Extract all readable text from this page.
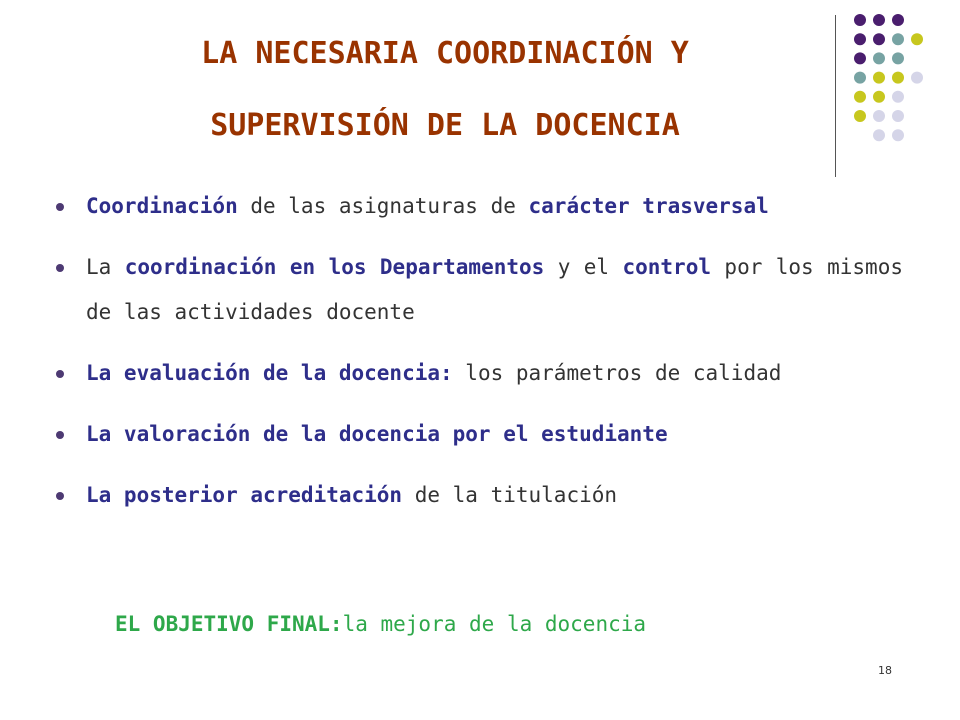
LA NECESARIA COORDINACIÓN Y
SUPERVISIÓN DE LA DOCENCIA
Coordinación de las asignaturas de carácter trasversal
La coordinación en los Departamentos y el control por los mismos de las actividades docente
La evaluación de la docencia: los parámetros de calidad
La valoración de la docencia por el estudiante
La posterior acreditación de la titulación
EL OBJETIVO FINAL:la mejora de la docencia
18
